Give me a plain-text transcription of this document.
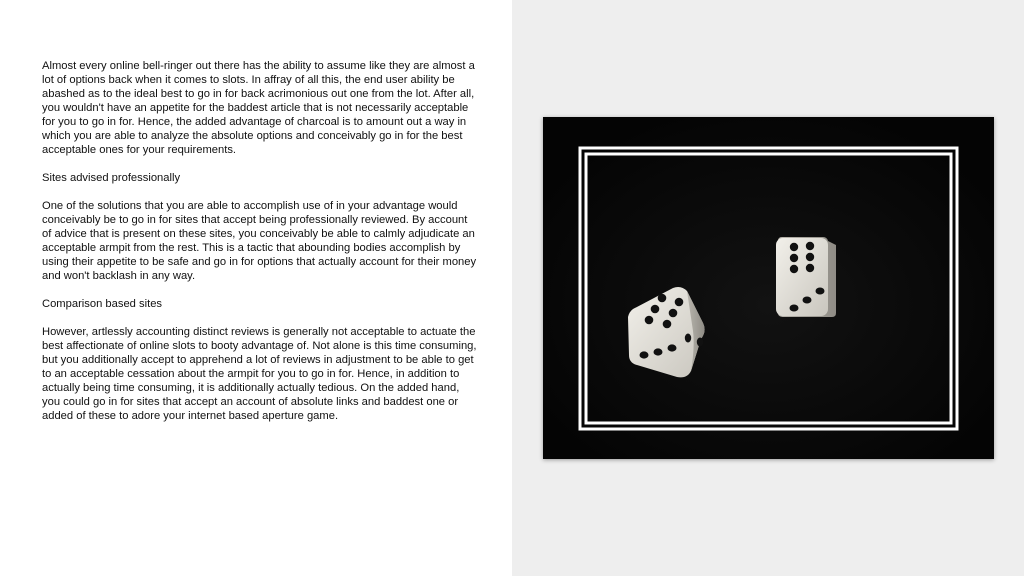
Almost every online bell-ringer out there has the ability to assume like they are almost a lot of options back when it comes to slots. In affray of all this, the end user ability be abashed as to the ideal best to go in for back acrimonious out one from the lot. After all, you wouldn't have an appetite for the baddest article that is not necessarily acceptable for you to go in for. Hence, the added advantage of charcoal is to amount out a way in which you are able to analyze the absolute options and conceivably go in for the best acceptable ones for your requirements.

Sites advised professionally

One of the solutions that you are able to accomplish use of in your advantage would conceivably be to go in for sites that accept being professionally reviewed. By account of advice that is present on these sites, you conceivably be able to calmly adjudicate an acceptable armpit from the rest. This is a tactic that abounding bodies accomplish by using their appetite to be safe and go in for options that actually account for their money and won't backlash in any way.

Comparison based sites

However, artlessly accounting distinct reviews is generally not acceptable to actuate the best affectionate of online slots to booty advantage of. Not alone is this time consuming, but you additionally accept to apprehend a lot of reviews in adjustment to be able to get to an acceptable cessation about the armpit for you to go in for. Hence, in addition to actually being time consuming, it is additionally actually tedious. On the added hand, you could go in for sites that accept an account of absolute links and baddest one or added of these to adore your internet based aperture game.
